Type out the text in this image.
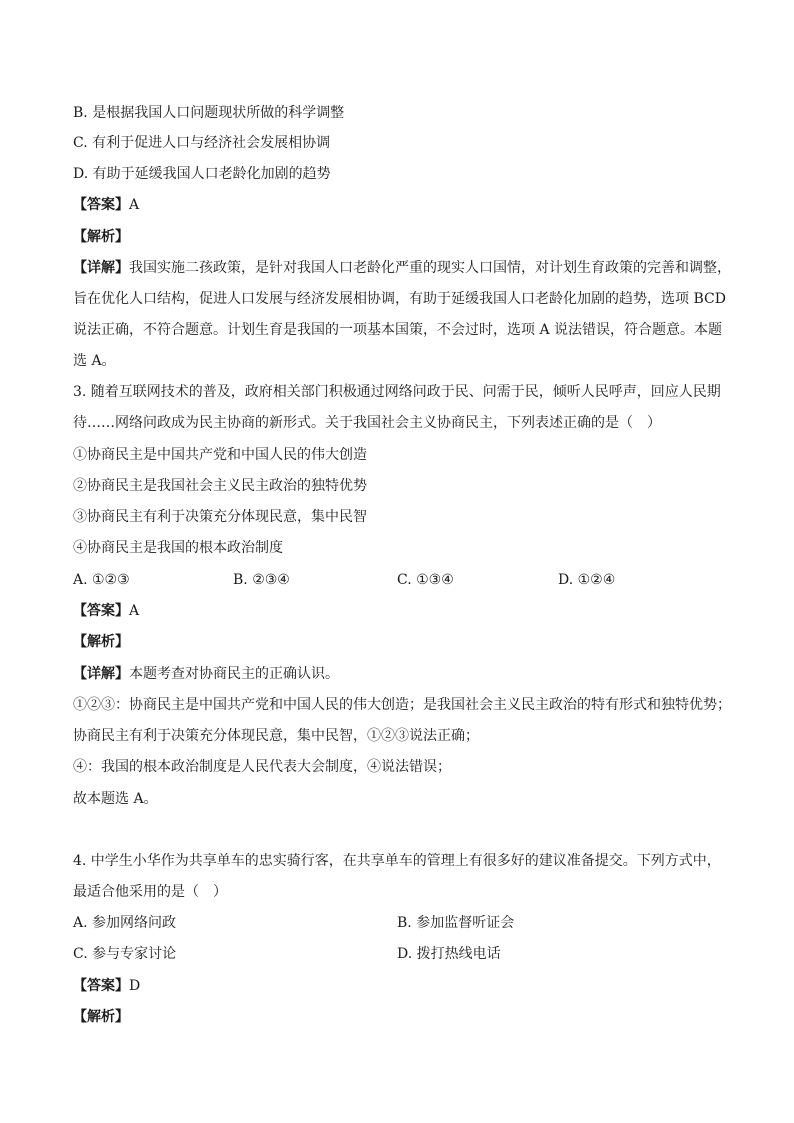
B. 是根据我国人口问题现状所做的科学调整
C. 有利于促进人口与经济社会发展相协调
D. 有助于延缓我国人口老龄化加剧的趋势
【答案】A
【解析】
【详解】我国实施二孩政策，是针对我国人口老龄化严重的现实人口国情，对计划生育政策的完善和调整，
旨在优化人口结构，促进人口发展与经济发展相协调，有助于延缓我国人口老龄化加剧的趋势，选项 BCD
说法正确，不符合题意。计划生育是我国的一项基本国策，不会过时，选项 A 说法错误，符合题意。本题
选 A。
3. 随着互联网技术的普及，政府相关部门积极通过网络问政于民、问需于民，倾听人民呼声，回应人民期
待……网络问政成为民主协商的新形式。关于我国社会主义协商民主，下列表述正确的是（　）
①协商民主是中国共产党和中国人民的伟大创造
②协商民主是我国社会主义民主政治的独特优势
③协商民主有利于决策充分体现民意，集中民智
④协商民主是我国的根本政治制度
A. ①②③	B. ②③④	C. ①③④	D. ①②④
【答案】A
【解析】
【详解】本题考查对协商民主的正确认识。
①②③：协商民主是中国共产党和中国人民的伟大创造；是我国社会主义民主政治的特有形式和独特优势；
协商民主有利于决策充分体现民意，集中民智，①②③说法正确；
④：我国的根本政治制度是人民代表大会制度，④说法错误；
故本题选 A。
4. 中学生小华作为共享单车的忠实骑行客，在共享单车的管理上有很多好的建议准备提交。下列方式中，
最适合他采用的是（　）
A. 参加网络问政	B. 参加监督听证会
C. 参与专家讨论	D. 拨打热线电话
【答案】D
【解析】
